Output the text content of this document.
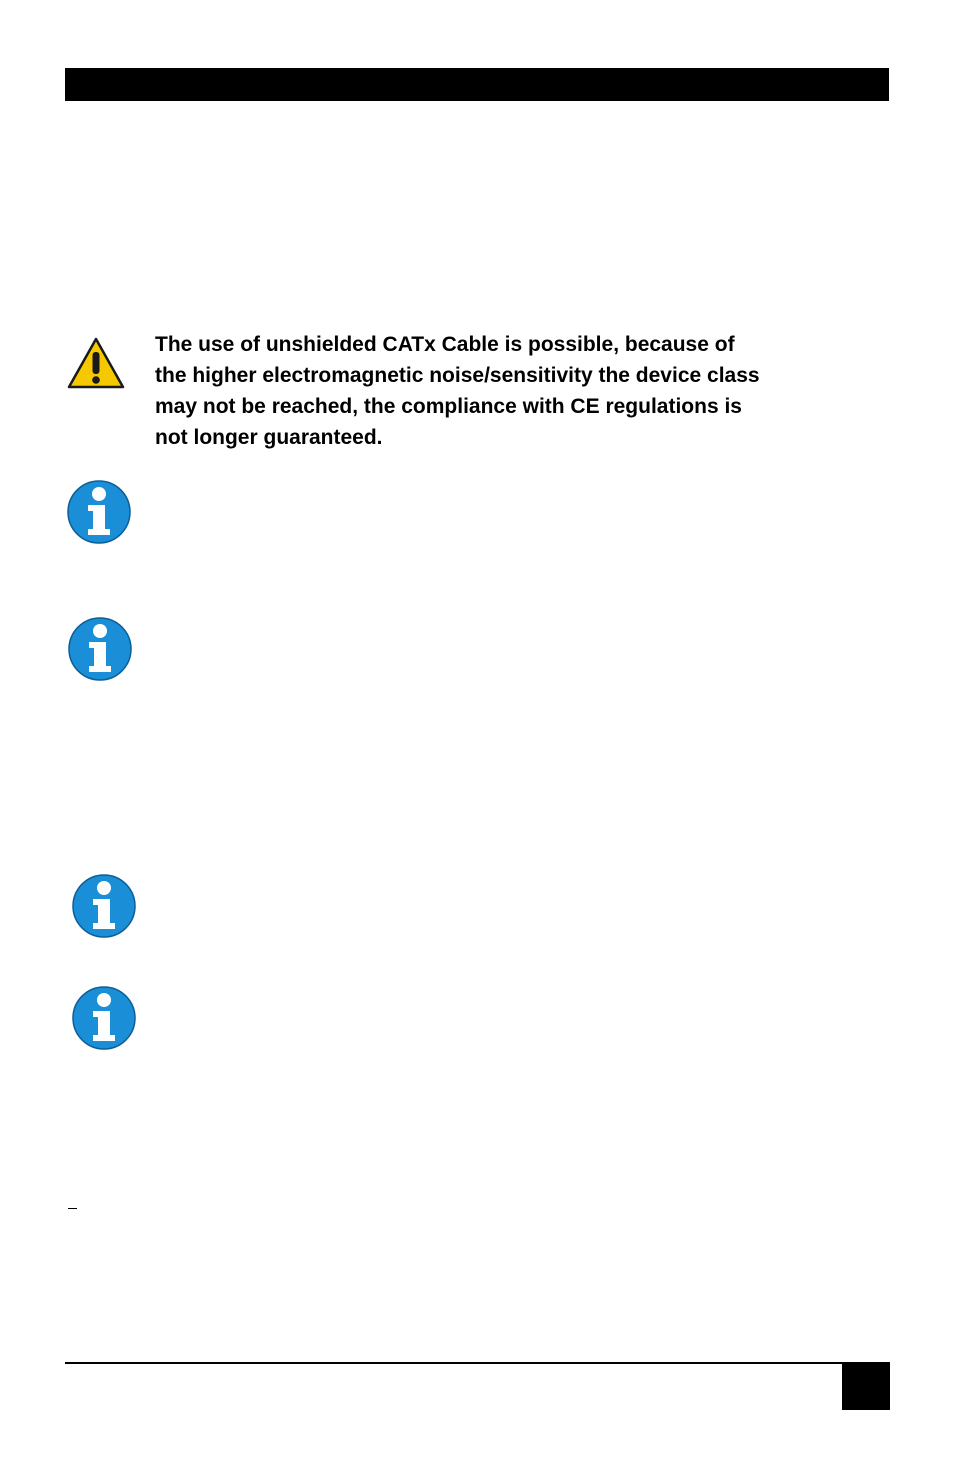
The use of unshielded CATx Cable is possible, because of
the higher electromagnetic noise/sensitivity the device class
may not be reached, the compliance with CE regulations is
not longer guaranteed.
